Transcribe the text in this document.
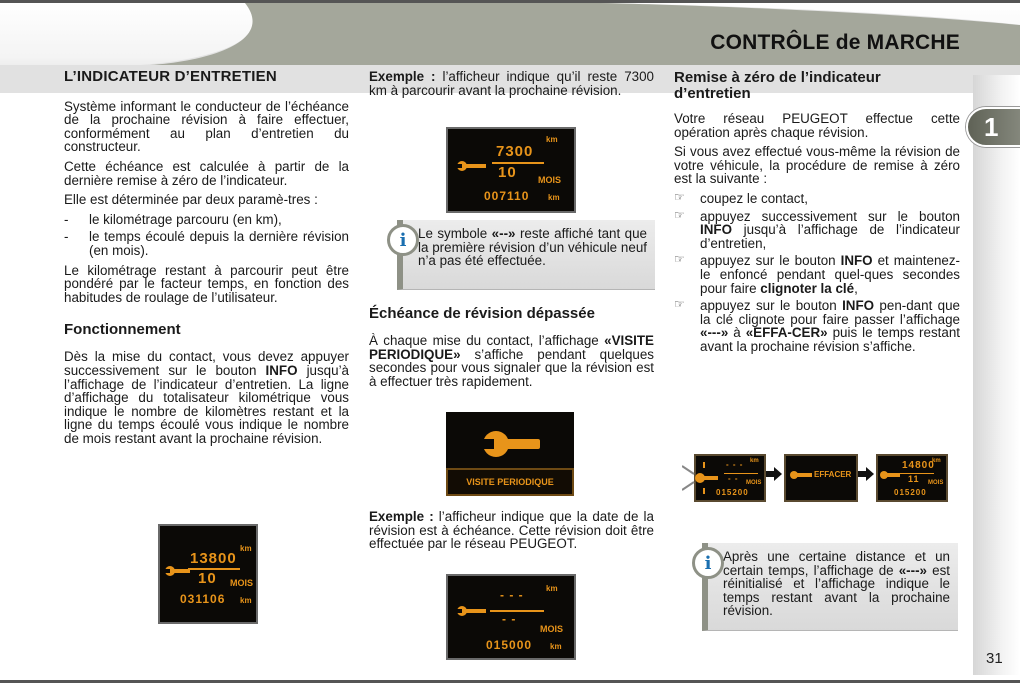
CONTRÔLE de MARCHE
1
L’INDICATEUR D’ENTRETIEN

Système informant le conducteur de l’échéance de la prochaine révision à faire effectuer, conformément au plan d’entretien du constructeur.

Cette échéance est calculée à partir de la dernière remise à zéro de l’indicateur.

Elle est déterminée par deux paramè-tres :

- le kilométrage parcouru (en km),
- le temps écoulé depuis la dernière révision (en mois).

Le kilométrage restant à parcourir peut être pondéré par le facteur temps, en fonction des habitudes de roulage de l’utilisateur.

Fonctionnement

Dès la mise du contact, vous devez appuyer successivement sur le bouton INFO jusqu’à l’affichage de l’indicateur d’entretien. La ligne d’affichage du totalisateur kilométrique vous indique le nombre de kilomètres restant et la ligne du temps écoulé vous indique le nombre de mois restant avant la prochaine révision.

km
13800
10 MOIS
031106 km

Exemple : l’afficheur indique qu’il reste 7300 km à parcourir avant la prochaine révision.

km
7300
10 MOIS
007110 km
i Le symbole «--» reste affiché tant que la première révision d’un véhicule neuf n’a pas été effectuée.

Échéance de révision dépassée

À chaque mise du contact, l’affichage «VISITE PERIODIQUE» s’affiche pendant quelques secondes pour vous signaler que la révision est à effectuer très rapidement.

VISITE PERIODIQUE

Exemple : l’afficheur indique que la date de la révision est à échéance. Cette révision doit être effectuée par le réseau PEUGEOT.

km
- - -
- -
MOIS
015000 km
Remise à zéro de l’indicateur d’entretien

Votre réseau PEUGEOT effectue cette opération après chaque révision.

Si vous avez effectué vous-même la révision de votre véhicule, la procédure de remise à zéro est la suivante :

☞ coupez le contact,
☞ appuyez successivement sur le bouton INFO jusqu’à l’affichage de l’indicateur d’entretien,
☞ appuyez sur le bouton INFO et maintenez-le enfoncé pendant quel-ques secondes pour faire clignoter la clé,
☞ appuyez sur le bouton INFO pen-dant que la clé clignote pour faire passer l’affichage «---» à «EFFA-CER» puis le temps restant avant la prochaine révision s’affiche.
km
- - -
- - MOIS
015200
EFFACER
km
14800
11 MOIS
015200
i Après une certaine distance et un certain temps, l’affichage de «---» est réinitialisé et l’affichage indique le temps restant avant la prochaine révision.

31
